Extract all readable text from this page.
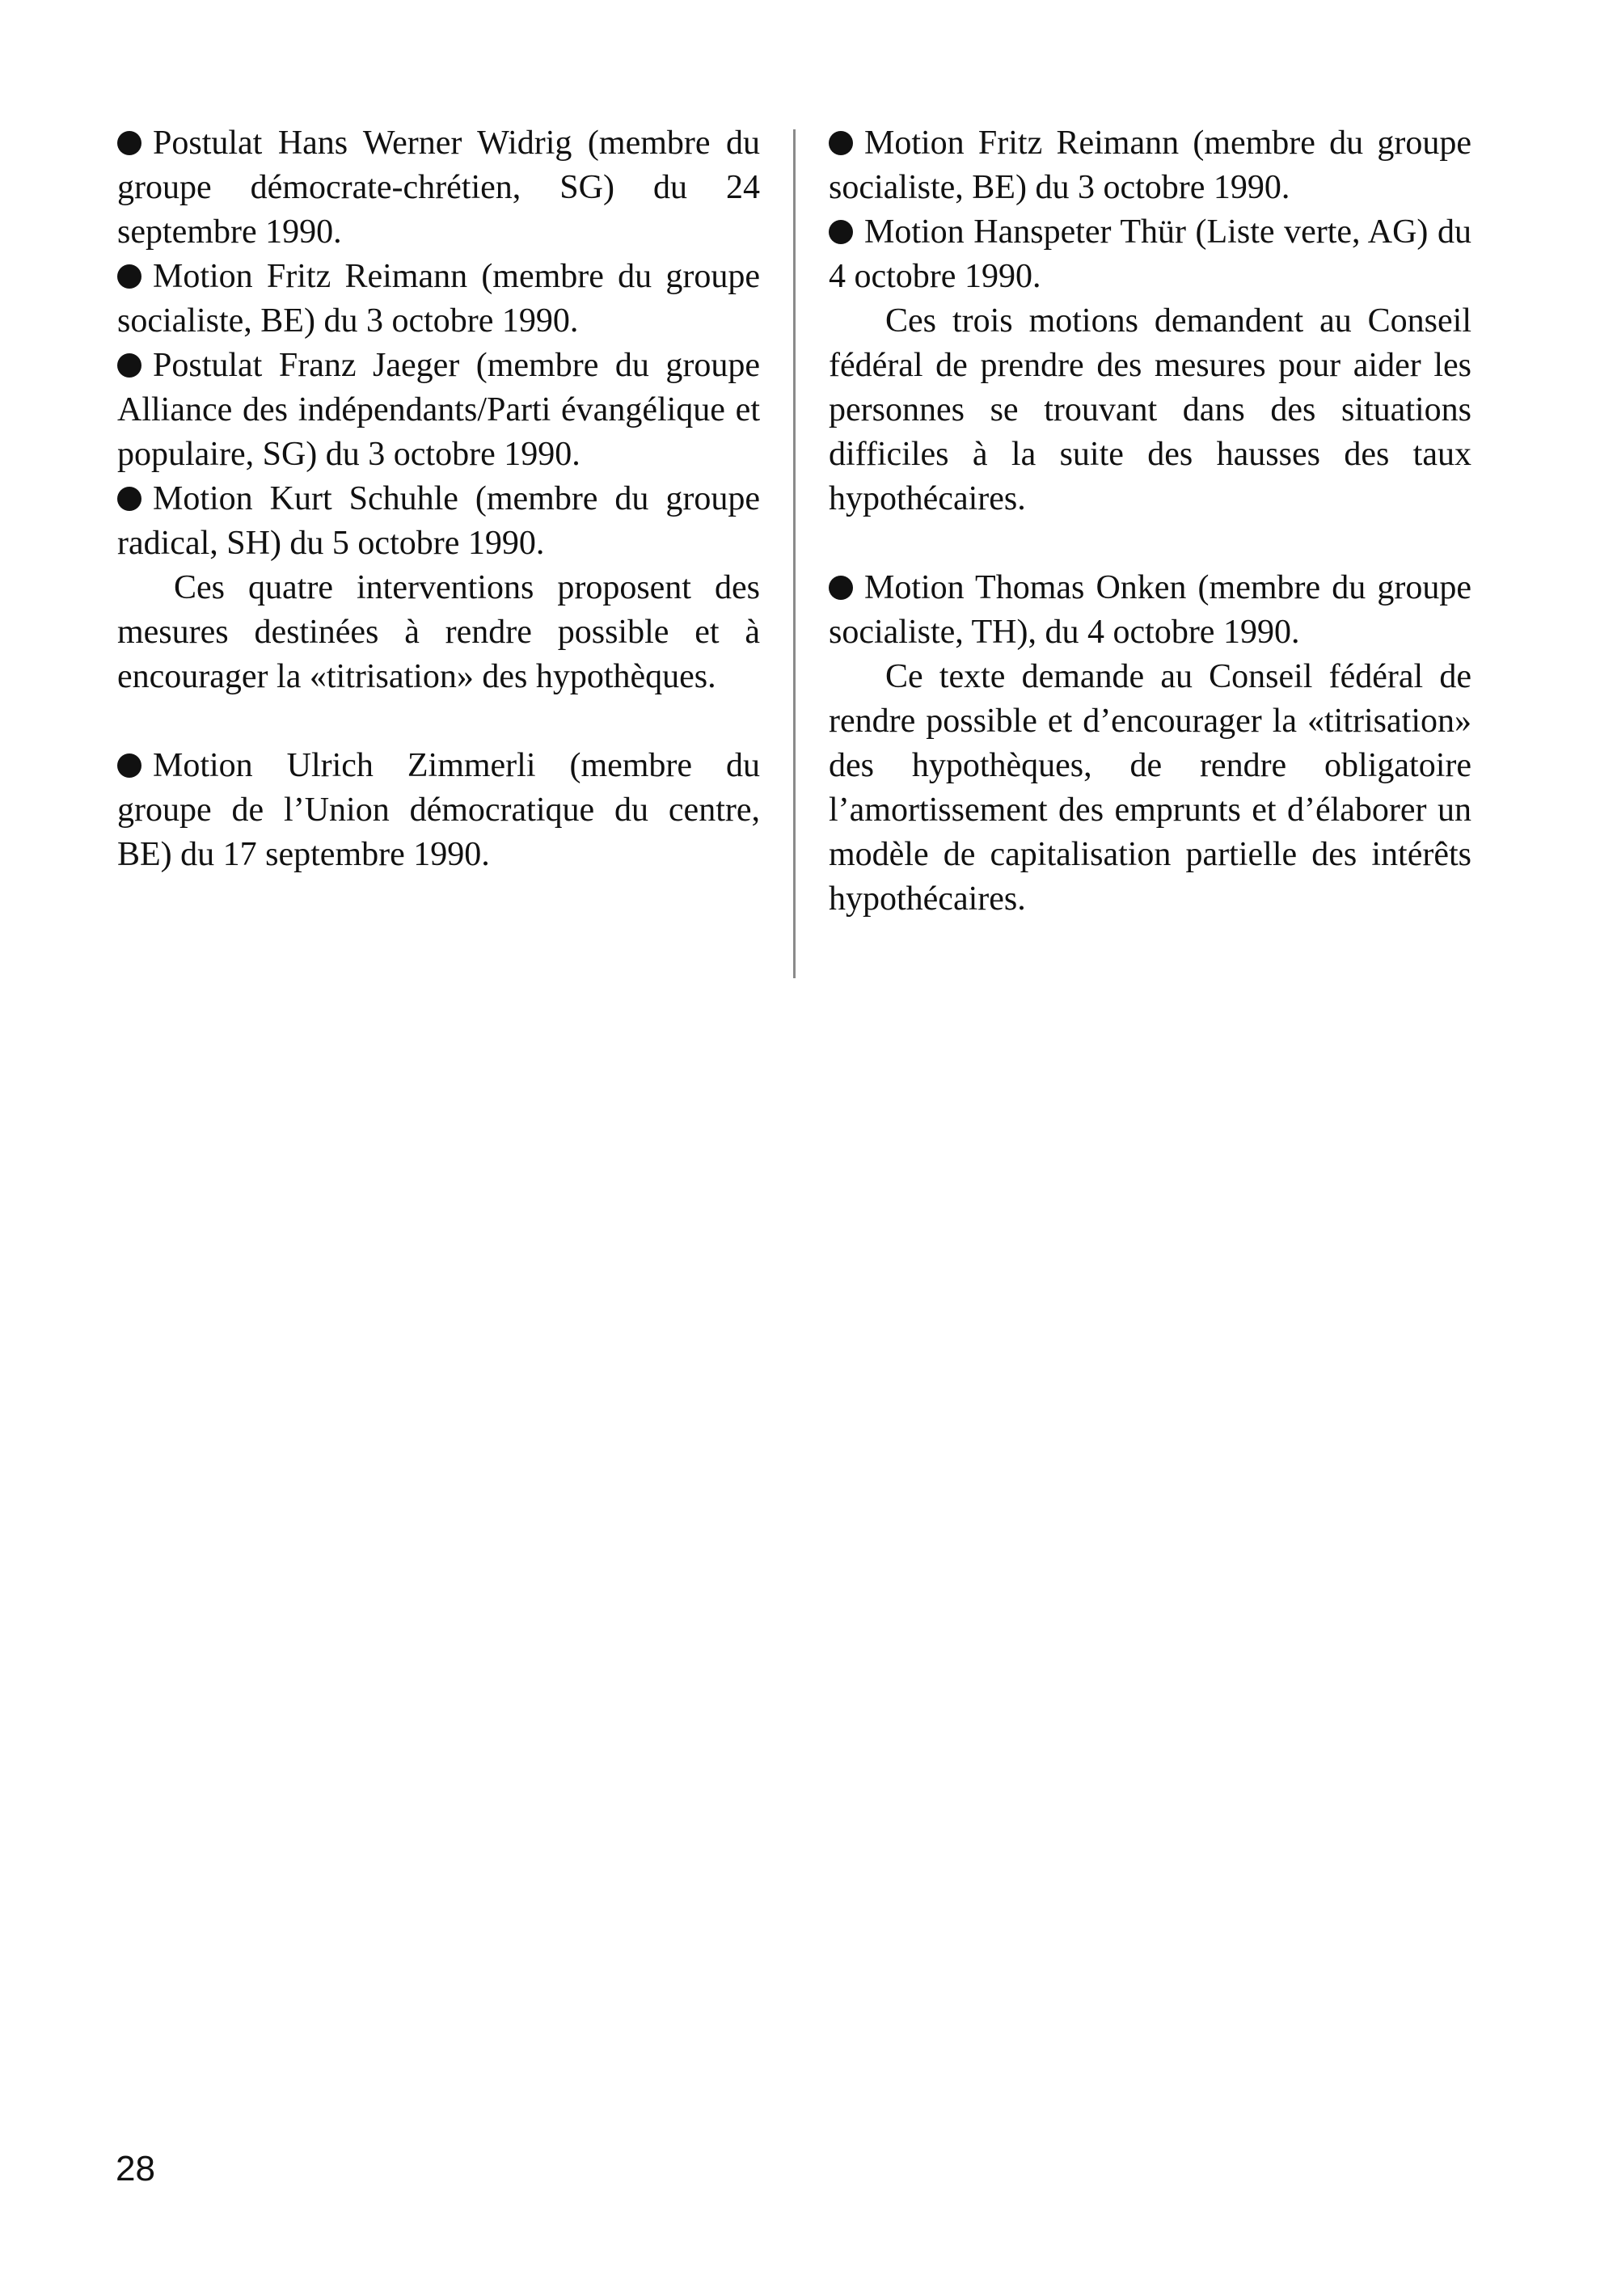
Postulat Hans Werner Widrig (membre du groupe démocrate-chrétien, SG) du 24 septembre 1990.

Motion Fritz Reimann (membre du groupe socialiste, BE) du 3 octobre 1990.

Postulat Franz Jaeger (membre du groupe Alliance des indépendants/Parti évangélique et populaire, SG) du 3 octobre 1990.

Motion Kurt Schuhle (membre du groupe radical, SH) du 5 octobre 1990.

Ces quatre interventions proposent des mesures destinées à rendre possible et à encourager la «titrisation» des hypothèques.

Motion Ulrich Zimmerli (membre du groupe de l’Union démocratique du centre, BE) du 17 septembre 1990.

Motion Fritz Reimann (membre du groupe socialiste, BE) du 3 octobre 1990.

Motion Hanspeter Thür (Liste verte, AG) du 4 octobre 1990.

Ces trois motions demandent au Conseil fédéral de prendre des mesures pour aider les personnes se trouvant dans des situations difficiles à la suite des hausses des taux hypothécaires.

Motion Thomas Onken (membre du groupe socialiste, TH), du 4 octobre 1990.

Ce texte demande au Conseil fédéral de rendre possible et d’encourager la «titrisation» des hypothèques, de rendre obligatoire l’amortissement des emprunts et d’élaborer un modèle de capitalisation partielle des intérêts hypothécaires.

28
